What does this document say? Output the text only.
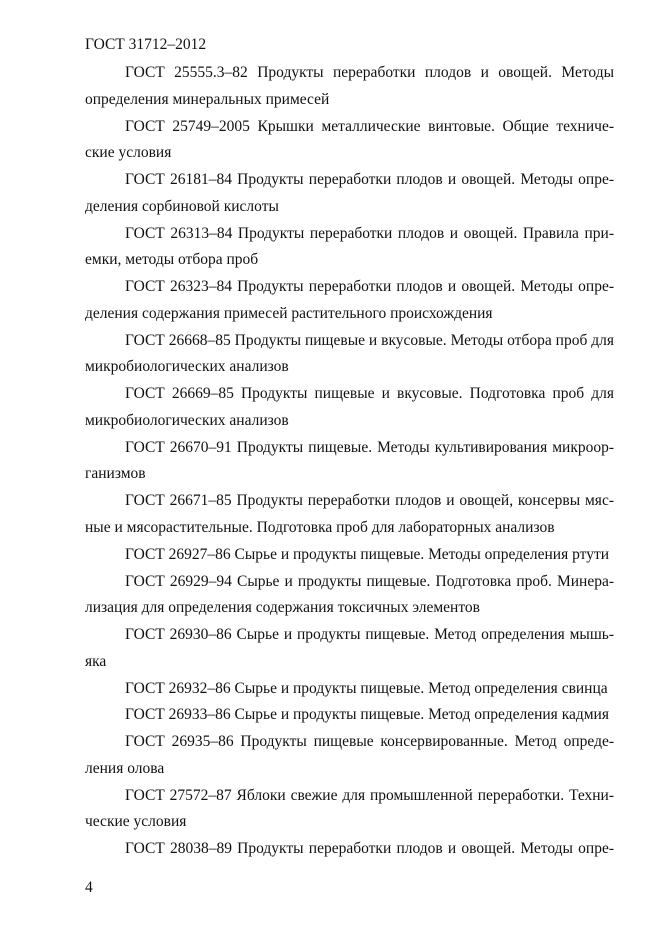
ГОСТ 31712–2012

ГОСТ 25555.3–82 Продукты переработки плодов и овощей. Методы определения минеральных примесей

ГОСТ 25749–2005 Крышки металлические винтовые. Общие технические условия

ГОСТ 26181–84 Продукты переработки плодов и овощей. Методы определения сорбиновой кислоты

ГОСТ 26313–84 Продукты переработки плодов и овощей. Правила приемки, методы отбора проб

ГОСТ 26323–84 Продукты переработки плодов и овощей. Методы определения содержания примесей растительного происхождения

ГОСТ 26668–85 Продукты пищевые и вкусовые. Методы отбора проб для микробиологических анализов

ГОСТ 26669–85 Продукты пищевые и вкусовые. Подготовка проб для микробиологических анализов

ГОСТ 26670–91 Продукты пищевые. Методы культивирования микроорганизмов

ГОСТ 26671–85 Продукты переработки плодов и овощей, консервы мясные и мясорастительные. Подготовка проб для лабораторных анализов

ГОСТ 26927–86 Сырье и продукты пищевые. Методы определения ртути

ГОСТ 26929–94 Сырье и продукты пищевые. Подготовка проб. Минерализация для определения содержания токсичных элементов

ГОСТ 26930–86 Сырье и продукты пищевые. Метод определения мышьяка

ГОСТ 26932–86 Сырье и продукты пищевые. Метод определения свинца

ГОСТ 26933–86 Сырье и продукты пищевые. Метод определения кадмия

ГОСТ 26935–86 Продукты пищевые консервированные. Метод определения олова

ГОСТ 27572–87 Яблоки свежие для промышленной переработки. Технические условия

ГОСТ 28038–89 Продукты переработки плодов и овощей. Методы опре-

4
